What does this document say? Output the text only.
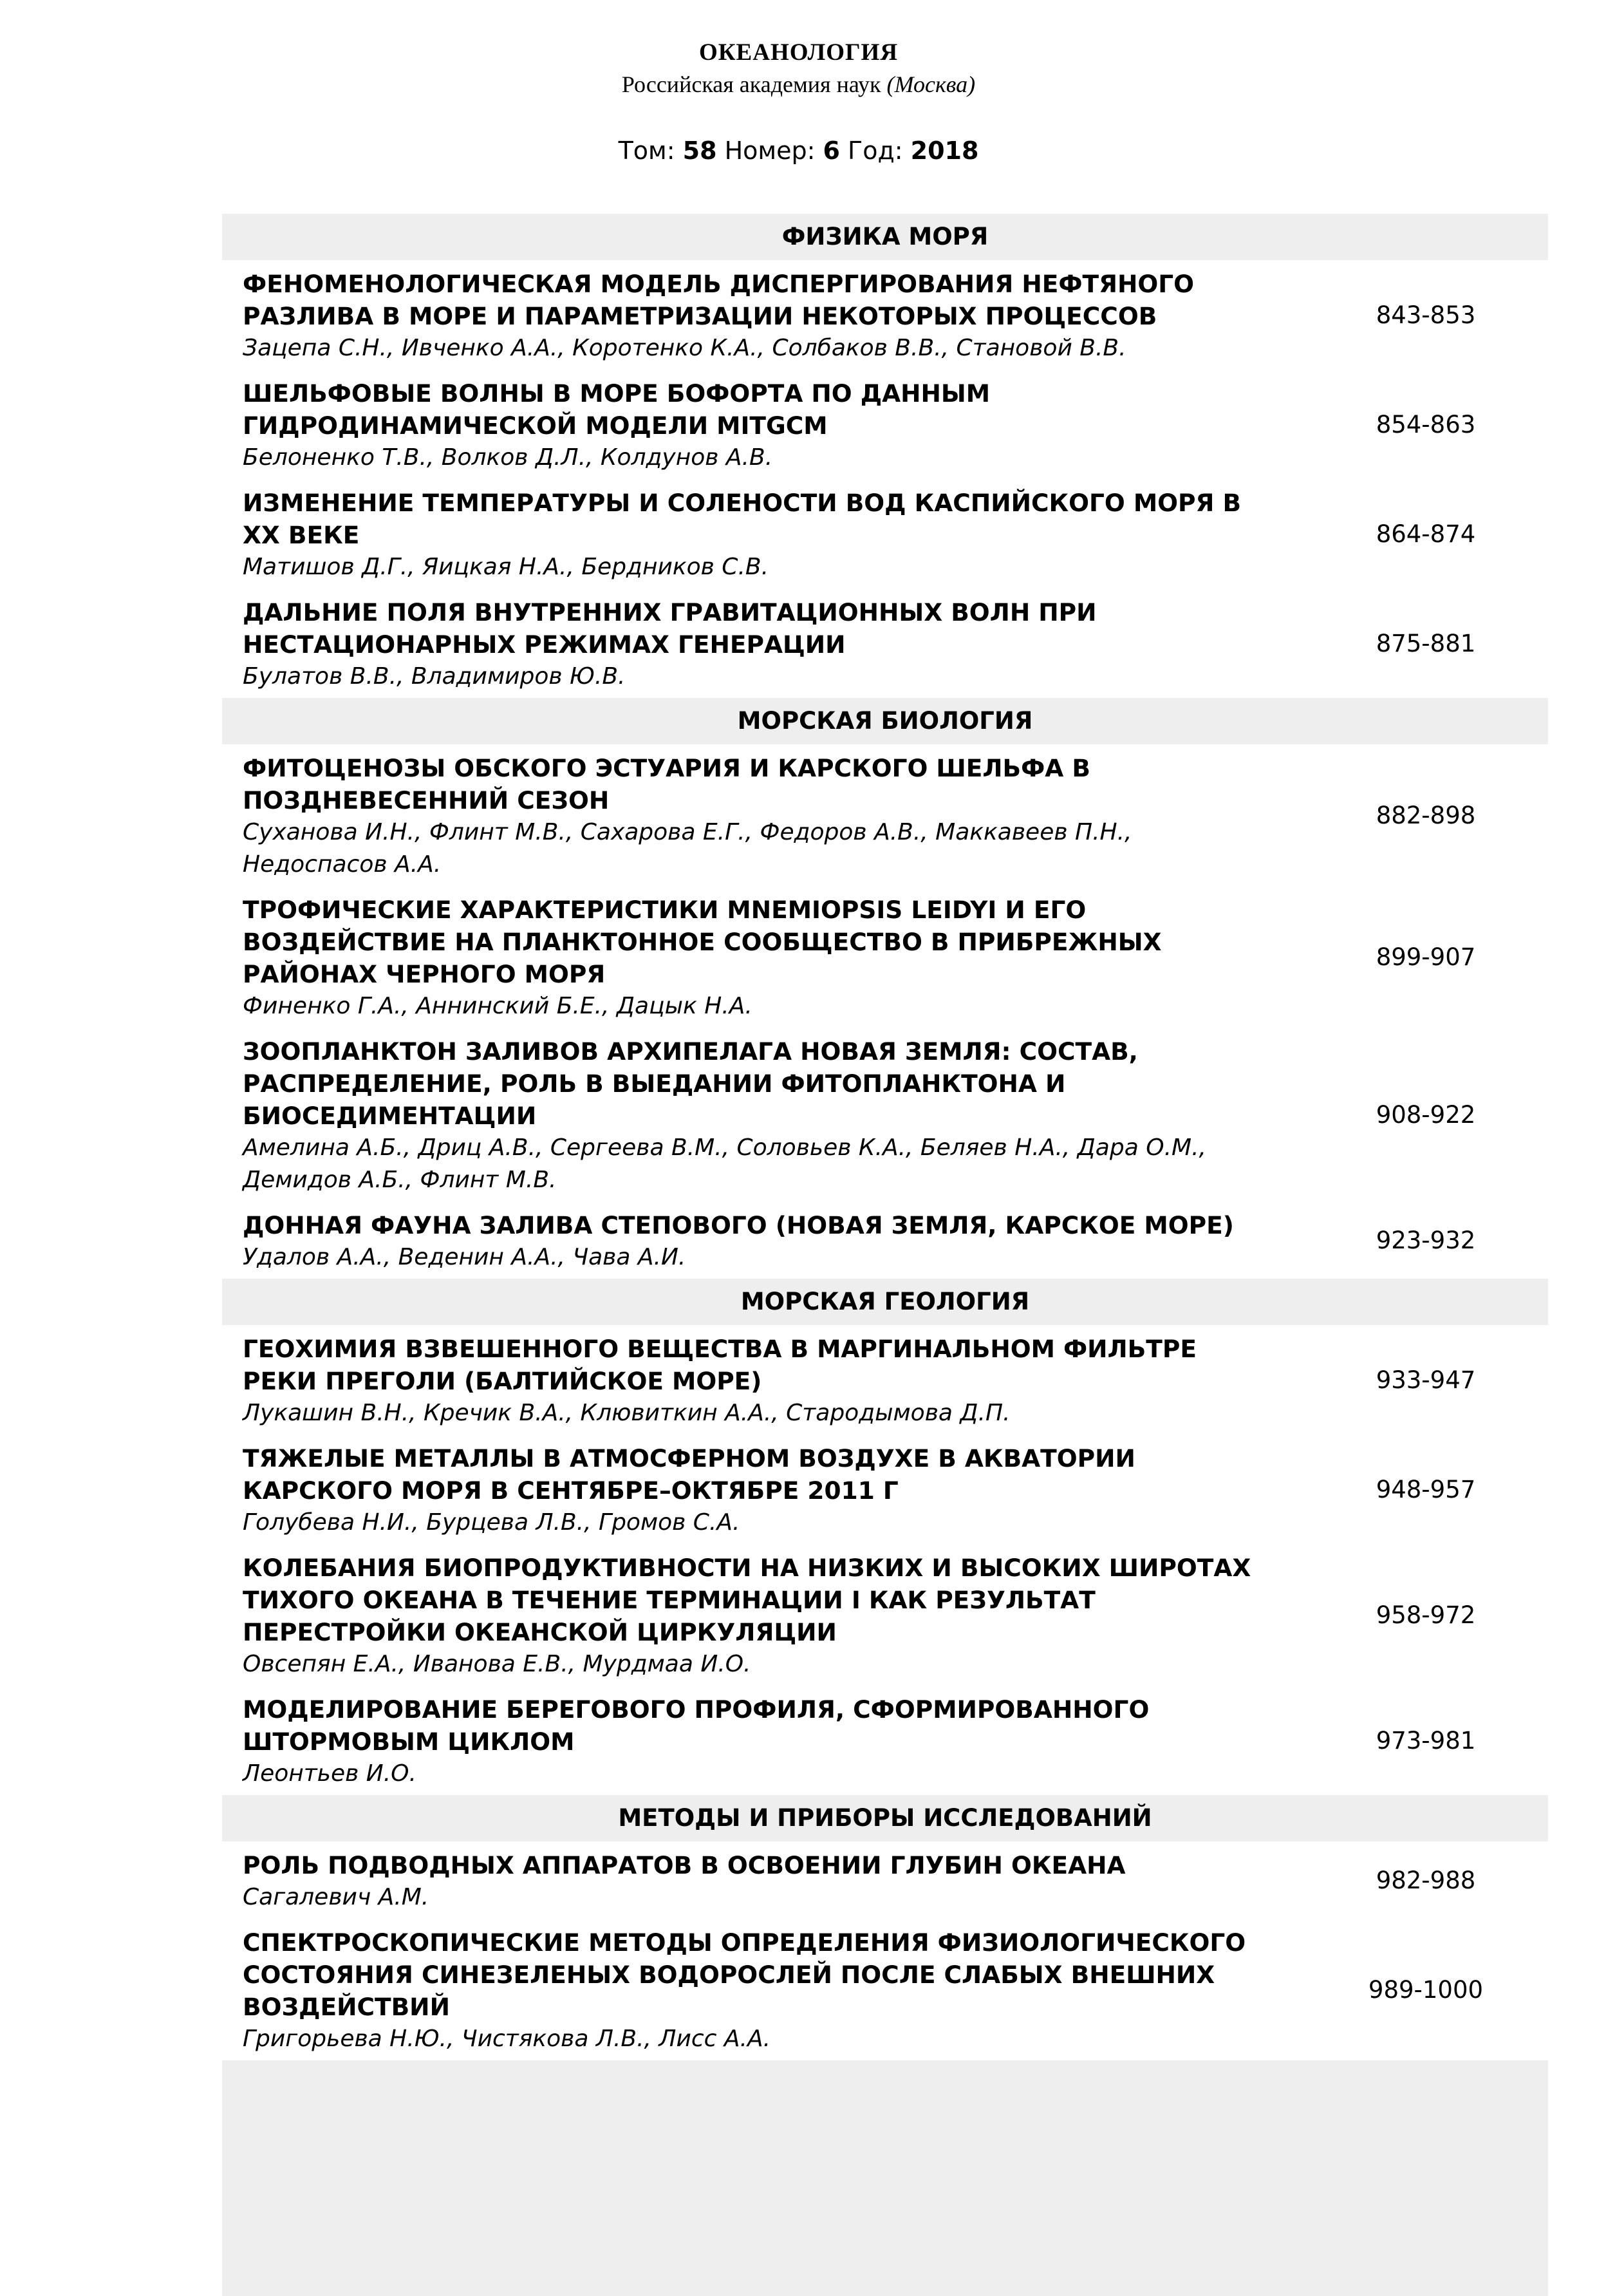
ОКЕАНОЛОГИЯ
Российская академия наук (Москва)
Том: 58 Номер: 6 Год: 2018
ФИЗИКА МОРЯ
ФЕНОМЕНОЛОГИЧЕСКАЯ МОДЕЛЬ ДИСПЕРГИРОВАНИЯ НЕФТЯНОГО
РАЗЛИВА В МОРЕ И ПАРАМЕТРИЗАЦИИ НЕКОТОРЫХ ПРОЦЕССОВ
Зацепа С.Н., Ивченко А.А., Коротенко К.А., Солбаков В.В., Становой В.В.
843-853
ШЕЛЬФОВЫЕ ВОЛНЫ В МОРЕ БОФОРТА ПО ДАННЫМ
ГИДРОДИНАМИЧЕСКОЙ МОДЕЛИ MITGCM
Белоненко Т.В., Волков Д.Л., Колдунов А.В.
854-863
ИЗМЕНЕНИЕ ТЕМПЕРАТУРЫ И СОЛЕНОСТИ ВОД КАСПИЙСКОГО МОРЯ В
XX ВЕКЕ
Матишов Д.Г., Яицкая Н.А., Бердников С.В.
864-874
ДАЛЬНИЕ ПОЛЯ ВНУТРЕННИХ ГРАВИТАЦИОННЫХ ВОЛН ПРИ
НЕСТАЦИОНАРНЫХ РЕЖИМАХ ГЕНЕРАЦИИ
Булатов В.В., Владимиров Ю.В.
875-881
МОРСКАЯ БИОЛОГИЯ
ФИТОЦЕНОЗЫ ОБСКОГО ЭСТУАРИЯ И КАРСКОГО ШЕЛЬФА В
ПОЗДНЕВЕСЕННИЙ СЕЗОН
Суханова И.Н., Флинт М.В., Сахарова Е.Г., Федоров А.В., Маккавеев П.Н.,
Недоспасов А.А.
882-898
ТРОФИЧЕСКИЕ ХАРАКТЕРИСТИКИ MNEMIOPSIS LEIDYI И ЕГО
ВОЗДЕЙСТВИЕ НА ПЛАНКТОННОЕ СООБЩЕСТВО В ПРИБРЕЖНЫХ
РАЙОНАХ ЧЕРНОГО МОРЯ
Финенко Г.А., Аннинский Б.Е., Дацык Н.А.
899-907
ЗООПЛАНКТОН ЗАЛИВОВ АРХИПЕЛАГА НОВАЯ ЗЕМЛЯ: СОСТАВ,
РАСПРЕДЕЛЕНИЕ, РОЛЬ В ВЫЕДАНИИ ФИТОПЛАНКТОНА И
БИОСЕДИМЕНТАЦИИ
Амелина А.Б., Дриц А.В., Сергеева В.М., Соловьев К.А., Беляев Н.А., Дара О.М.,
Демидов А.Б., Флинт М.В.
908-922
ДОННАЯ ФАУНА ЗАЛИВА СТЕПОВОГО (НОВАЯ ЗЕМЛЯ, КАРСКОЕ МОРЕ)
Удалов А.А., Веденин А.А., Чава А.И.
923-932
МОРСКАЯ ГЕОЛОГИЯ
ГЕОХИМИЯ ВЗВЕШЕННОГО ВЕЩЕСТВА В МАРГИНАЛЬНОМ ФИЛЬТРЕ
РЕКИ ПРЕГОЛИ (БАЛТИЙСКОЕ МОРЕ)
Лукашин В.Н., Кречик В.А., Клювиткин А.А., Стародымова Д.П.
933-947
ТЯЖЕЛЫЕ МЕТАЛЛЫ В АТМОСФЕРНОМ ВОЗДУХЕ В АКВАТОРИИ
КАРСКОГО МОРЯ В СЕНТЯБРЕ–ОКТЯБРЕ 2011 Г
Голубева Н.И., Бурцева Л.В., Громов С.А.
948-957
КОЛЕБАНИЯ БИОПРОДУКТИВНОСТИ НА НИЗКИХ И ВЫСОКИХ ШИРОТАХ
ТИХОГО ОКЕАНА В ТЕЧЕНИЕ ТЕРМИНАЦИИ I КАК РЕЗУЛЬТАТ
ПЕРЕСТРОЙКИ ОКЕАНСКОЙ ЦИРКУЛЯЦИИ
Овсепян Е.А., Иванова Е.В., Мурдмаа И.О.
958-972
МОДЕЛИРОВАНИЕ БЕРЕГОВОГО ПРОФИЛЯ, СФОРМИРОВАННОГО
ШТОРМОВЫМ ЦИКЛОМ
Леонтьев И.О.
973-981
МЕТОДЫ И ПРИБОРЫ ИССЛЕДОВАНИЙ
РОЛЬ ПОДВОДНЫХ АППАРАТОВ В ОСВОЕНИИ ГЛУБИН ОКЕАНА
Сагалевич А.М.
982-988
СПЕКТРОСКОПИЧЕСКИЕ МЕТОДЫ ОПРЕДЕЛЕНИЯ ФИЗИОЛОГИЧЕСКОГО
СОСТОЯНИЯ СИНЕЗЕЛЕНЫХ ВОДОРОСЛЕЙ ПОСЛЕ СЛАБЫХ ВНЕШНИХ
ВОЗДЕЙСТВИЙ
Григорьева Н.Ю., Чистякова Л.В., Лисс А.А.
989-1000
